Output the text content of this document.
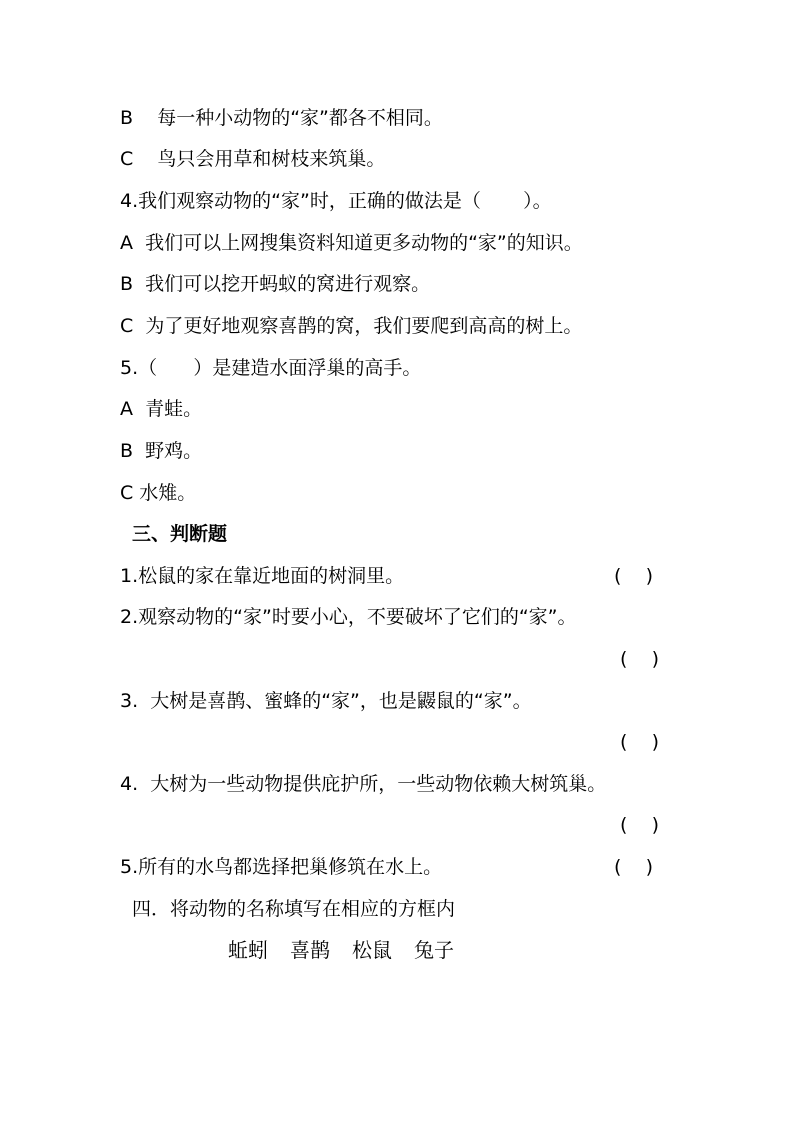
B    每一种小动物的“家”都各不相同。
C    鸟只会用草和树枝来筑巢。
4.我们观察动物的“家”时，正确的做法是（       ）。
A  我们可以上网搜集资料知道更多动物的“家”的知识。
B  我们可以挖开蚂蚁的窝进行观察。
C  为了更好地观察喜鹊的窝，我们要爬到高高的树上。
5.（      ）是建造水面浮巢的高手。
A  青蛙。
B  野鸡。
C 水雉。
三、判断题
1.松鼠的家在靠近地面的树洞里。	(    )
2.观察动物的“家”时要小心，不要破坏了它们的“家”。
(    )
3.  大树是喜鹊、蜜蜂的“家”，也是鼹鼠的“家”。
(    )
4.  大树为一些动物提供庇护所，一些动物依赖大树筑巢。
(    )
5.所有的水鸟都选择把巢修筑在水上。	(    )
四．将动物的名称填写在相应的方框内
蚯蚓 喜鹊 松鼠 兔子
